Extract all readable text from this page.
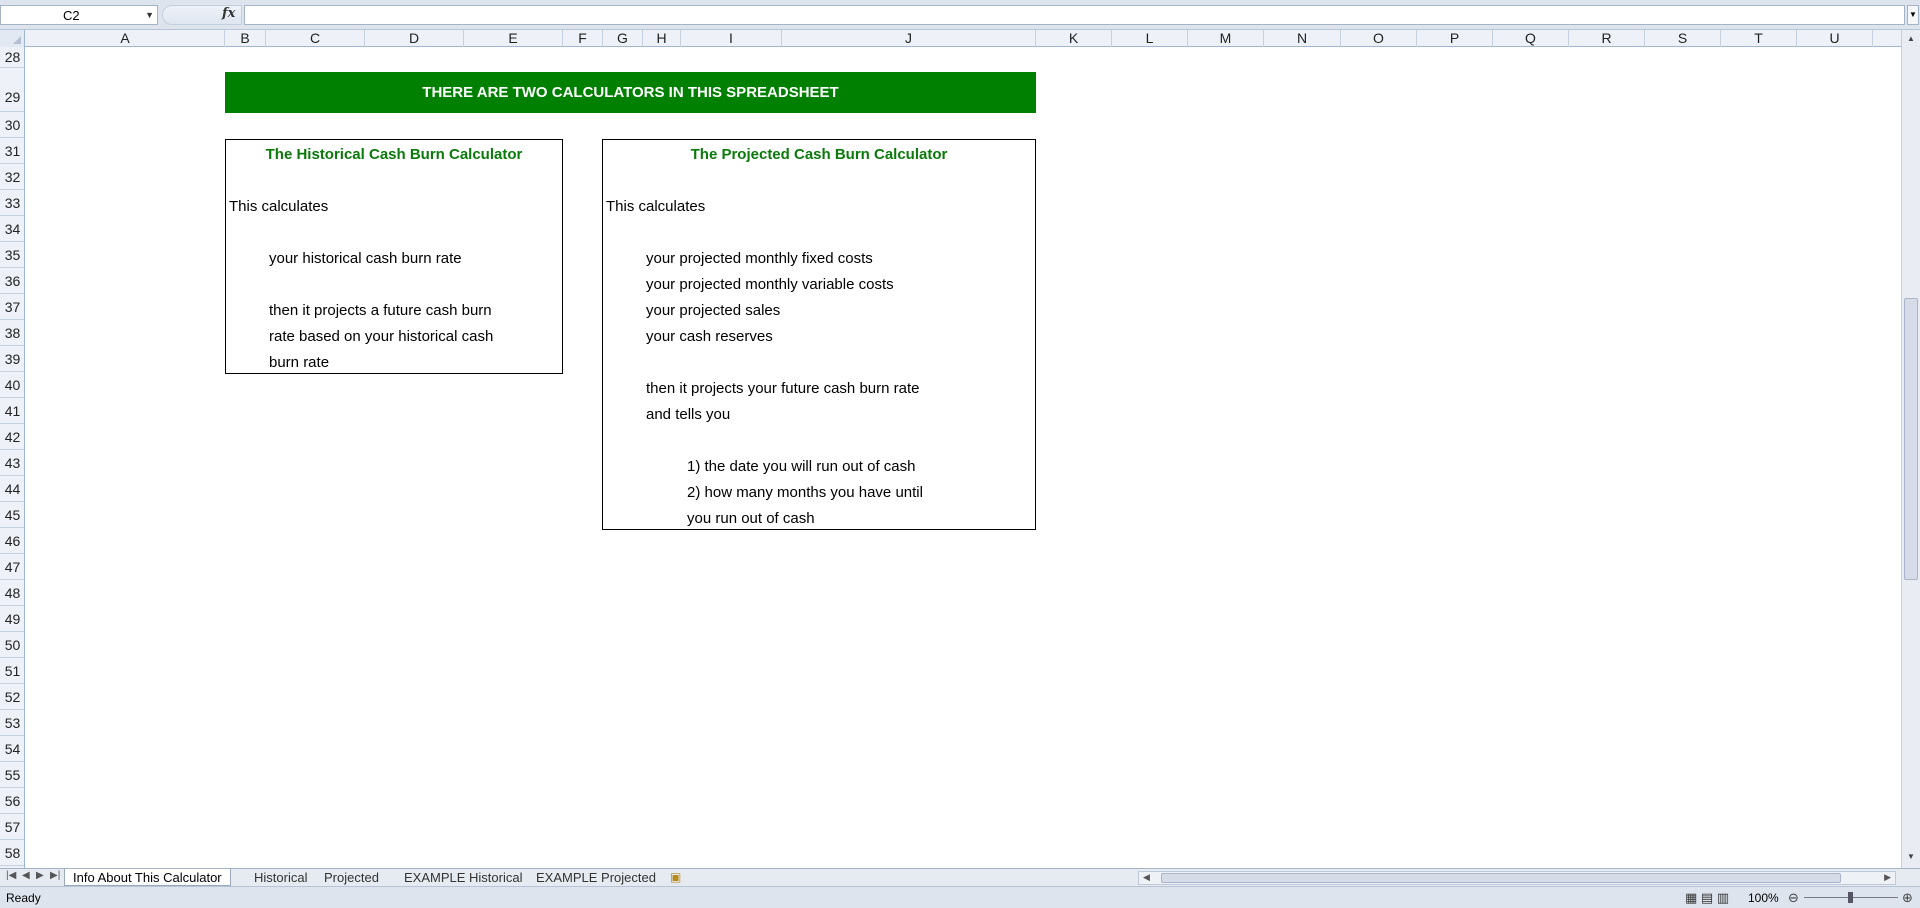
C2	▼	fx	▼
A	B	C	D	E	F	G	H	I	J	K	L	M	N	O	P	Q	R	S	T	U
28
29
30
31
32
33
34
35
36
37
38
39
40
41
42
43
44
45
46
47
48
49
50
51
52
53
54
55
56
57
58
THERE ARE TWO CALCULATORS IN THIS SPREADSHEET
The Historical Cash Burn Calculator
This calculates
your historical cash burn rate
then it projects a future cash burn
rate based on your historical cash
burn rate
The Projected Cash Burn Calculator
This calculates
your projected monthly fixed costs
your projected monthly variable costs
your projected sales
your cash reserves
then it projects your future cash burn rate
and tells you
1) the date you will run out of cash
2) how many months you have until
you run out of cash
▲
▼
|◀ ◀ ▶ ▶| Info About This Calculator	Historical	Projected	EXAMPLE Historical	EXAMPLE Projected	▣	◀	▶
Ready	▦ ▤ ▥ 100% ⊖	⊕
